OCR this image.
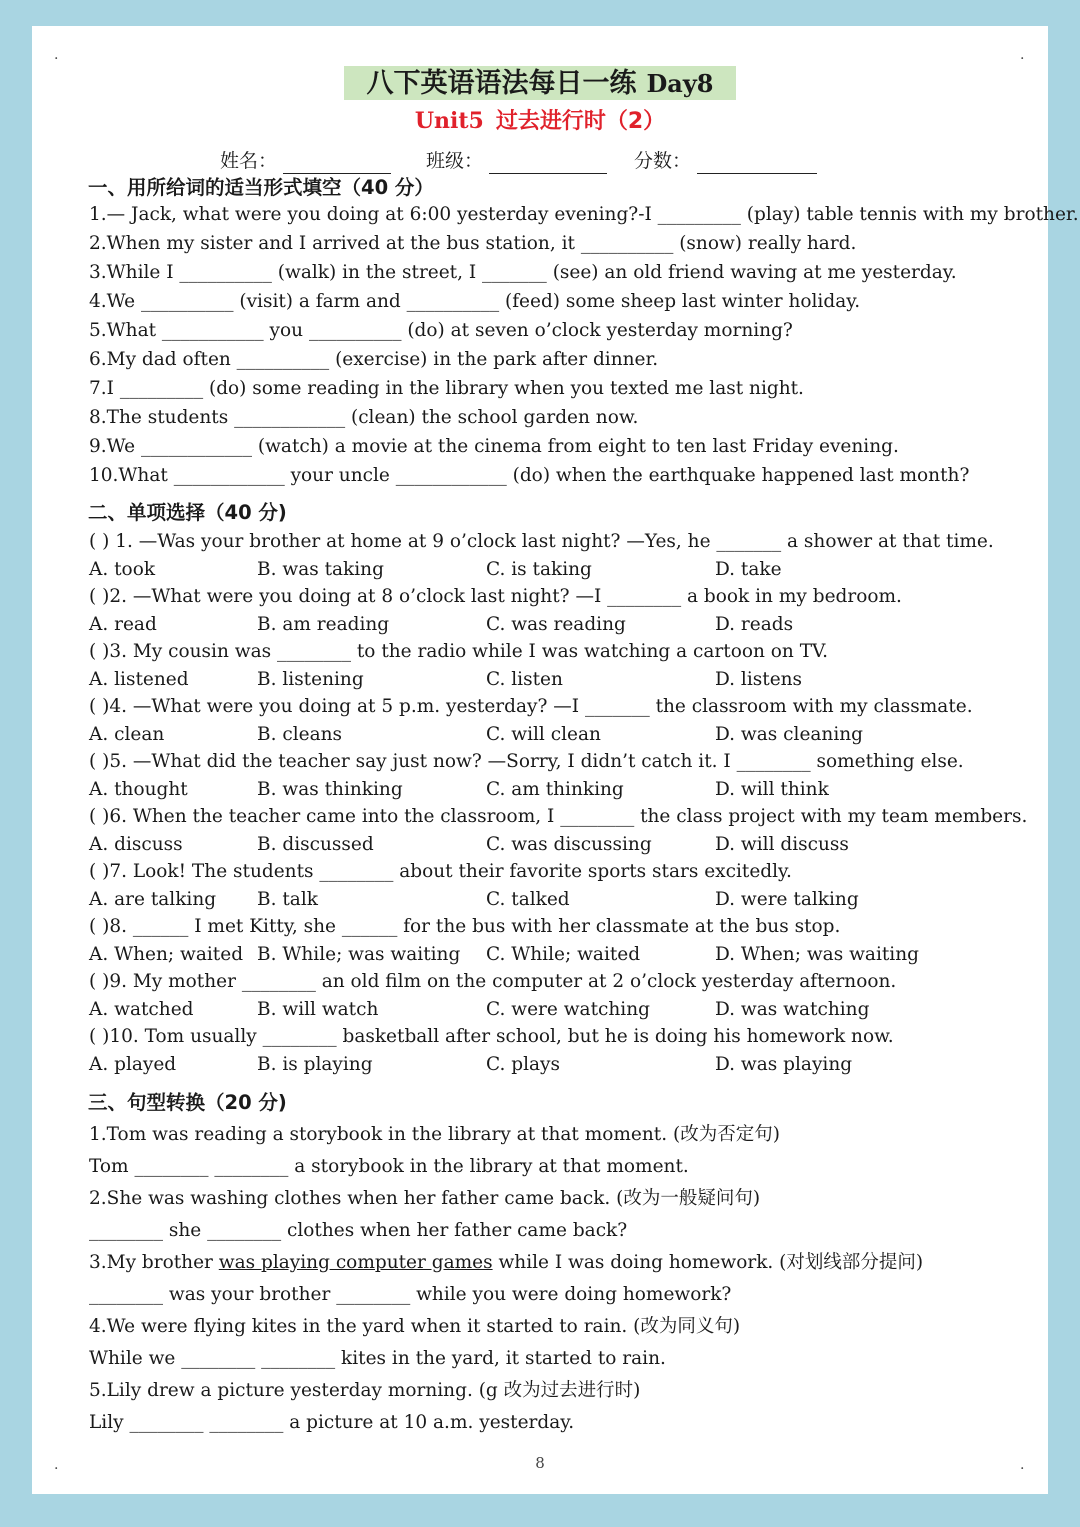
.	.
.	.
八下英语语法每日一练 Day8
Unit5 过去进行时（2）
姓名：	班级：	分数：
一、用所给词的适当形式填空（40 分）
1.— Jack, what were you doing at 6:00 yesterday evening?-I _________ (play) table tennis with my brother.
2.When my sister and I arrived at the bus station, it __________ (snow) really hard.
3.While I __________ (walk) in the street, I _______ (see) an old friend waving at me yesterday.
4.We __________ (visit) a farm and __________ (feed) some sheep last winter holiday.
5.What ___________ you __________ (do) at seven o’clock yesterday morning?
6.My dad often __________ (exercise) in the park after dinner.
7.I _________ (do) some reading in the library when you texted me last night.
8.The students ____________ (clean) the school garden now.
9.We ____________ (watch) a movie at the cinema from eight to ten last Friday evening.
10.What ____________ your uncle ____________ (do) when the earthquake happened last month?
二、单项选择（40 分)
( ) 1. —Was your brother at home at 9 o’clock last night? —Yes, he _______ a shower at that time.
A. took	B. was taking	C. is taking	D. take
( )2. —What were you doing at 8 o’clock last night? —I ________ a book in my bedroom.
A. read	B. am reading	C. was reading	D. reads
( )3. My cousin was ________ to the radio while I was watching a cartoon on TV.
A. listened	B. listening	C. listen	D. listens
( )4. —What were you doing at 5 p.m. yesterday? —I _______ the classroom with my classmate.
A. clean	B. cleans	C. will clean	D. was cleaning
( )5. —What did the teacher say just now? —Sorry, I didn’t catch it. I ________ something else.
A. thought	B. was thinking	C. am thinking	D. will think
( )6. When the teacher came into the classroom, I ________ the class project with my team members.
A. discuss	B. discussed	C. was discussing	D. will discuss
( )7. Look! The students ________ about their favorite sports stars excitedly.
A. are talking B. talk	C. talked	D. were talking
( )8. ______ I met Kitty, she ______ for the bus with her classmate at the bus stop.
A. When; waited B. While; was waiting C. While; waited	D. When; was waiting
( )9. My mother ________ an old film on the computer at 2 o’clock yesterday afternoon.
A. watched	B. will watch	C. were watching	D. was watching
( )10. Tom usually ________ basketball after school, but he is doing his homework now.
A. played	B. is playing	C. plays	D. was playing
三、句型转换（20 分)
1.Tom was reading a storybook in the library at that moment. (改为否定句)
Tom ________ ________ a storybook in the library at that moment.
2.She was washing clothes when her father came back. (改为一般疑问句)
________ she ________ clothes when her father came back?
3.My brother was playing computer games while I was doing homework. (对划线部分提问)
________ was your brother ________ while you were doing homework?
4.We were flying kites in the yard when it started to rain. (改为同义句)
While we ________ ________ kites in the yard, it started to rain.
5.Lily drew a picture yesterday morning. (g 改为过去进行时)
Lily ________ ________ a picture at 10 a.m. yesterday.
8
